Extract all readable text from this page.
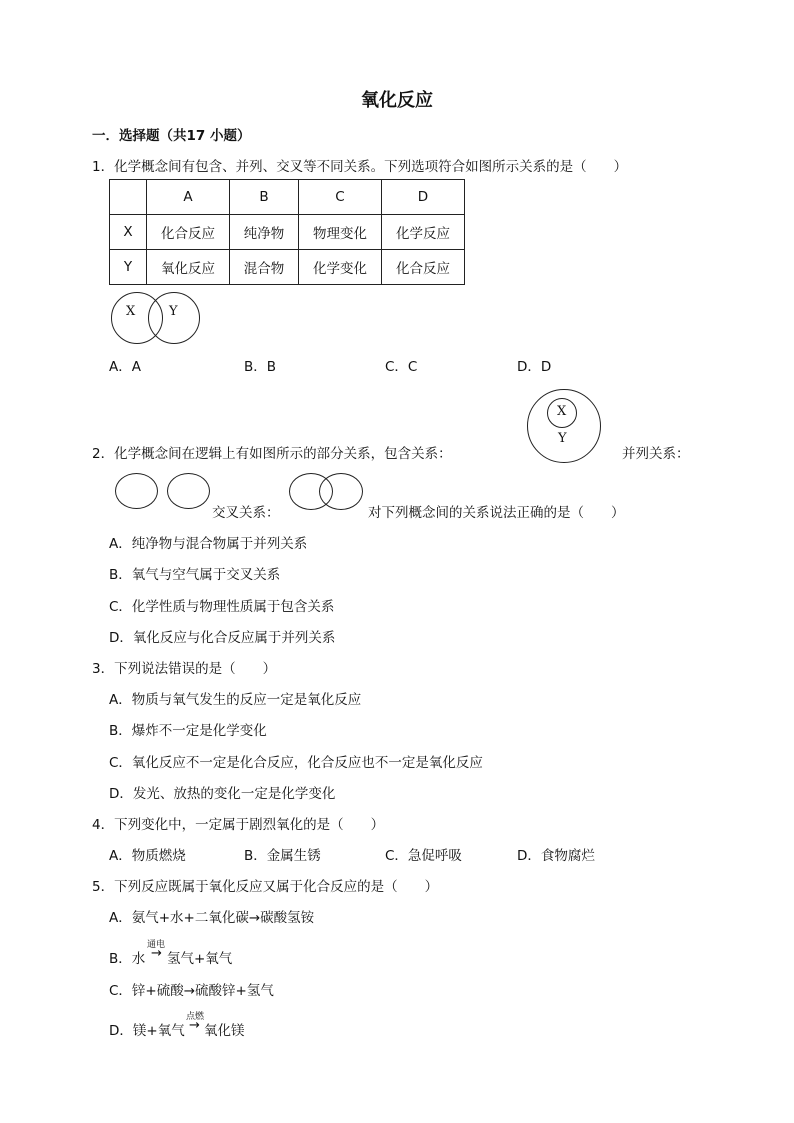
氧化反应
一．选择题（共17 小题）
1．化学概念间有包含、并列、交叉等不同关系。下列选项符合如图所示关系的是（　　）
	A	B	C	D
X	化合反应	纯净物	物理变化	化学反应
Y	氧化反应	混合物	化学变化	化合反应
X	Y
A．A	B．B	C．C	D．D
2．化学概念间在逻辑上有如图所示的部分关系，包含关系：
X
Y
并列关系：
交叉关系：	对下列概念间的关系说法正确的是（　　）
A．纯净物与混合物属于并列关系
B．氧气与空气属于交叉关系
C．化学性质与物理性质属于包含关系
D．氧化反应与化合反应属于并列关系
3．下列说法错误的是（　　）
A．物质与氧气发生的反应一定是氧化反应
B．爆炸不一定是化学变化
C．氧化反应不一定是化合反应，化合反应也不一定是氧化反应
D．发光、放热的变化一定是化学变化
4．下列变化中，一定属于剧烈氧化的是（　　）
A．物质燃烧	B．金属生锈	C．急促呼吸	D．食物腐烂
5．下列反应既属于氧化反应又属于化合反应的是（　　）
A．氨气+水+二氧化碳→碳酸氢铵
B．水
通电
→ 氢气+氧气
C．锌+硫酸→硫酸锌+氢气
D．镁+氧气
点燃
→ 氧化镁
